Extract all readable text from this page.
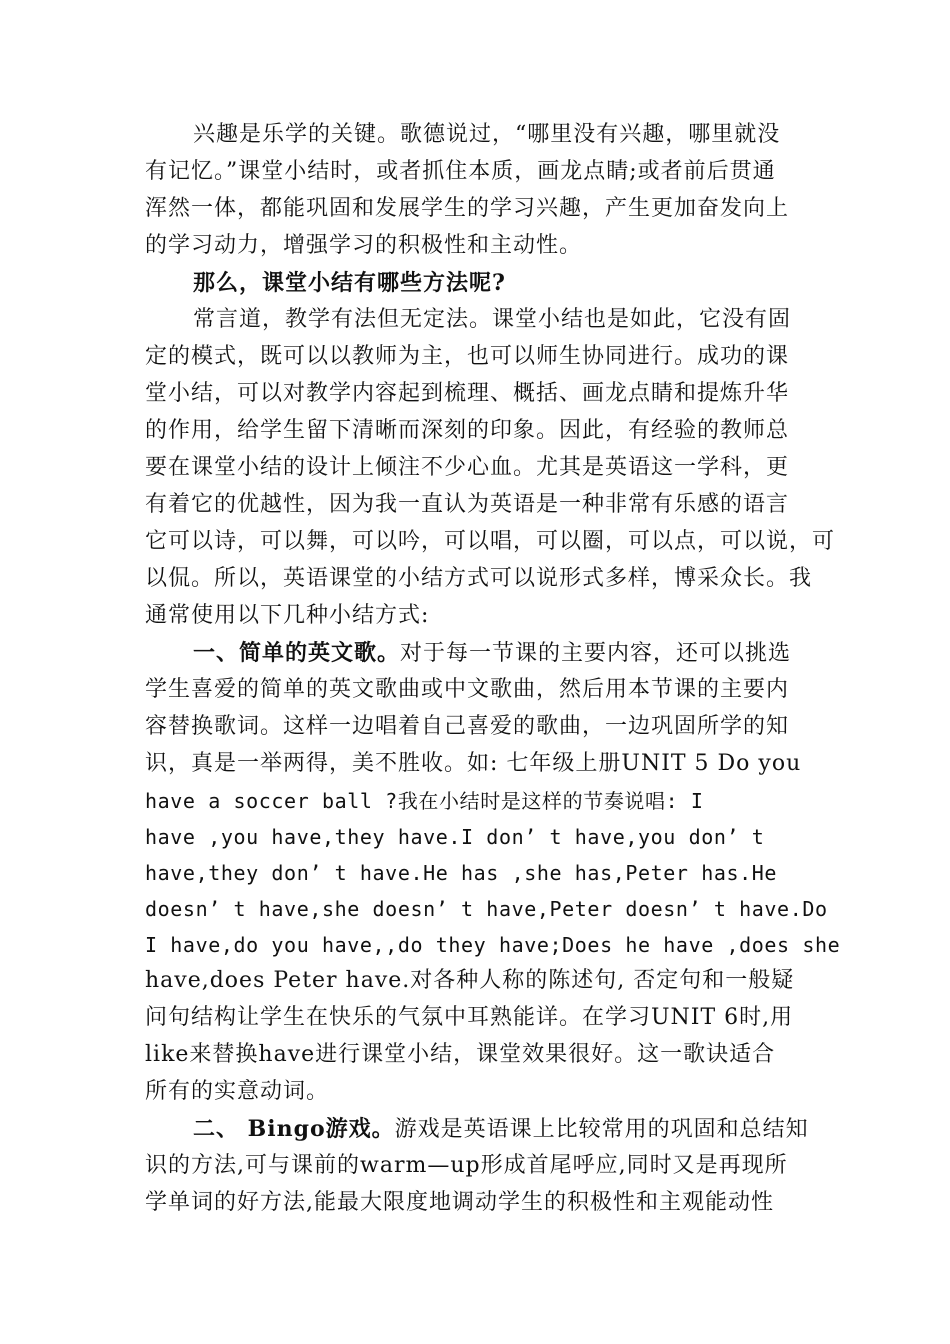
兴趣是乐学的关键。歌德说过，“哪里没有兴趣，哪里就没
有记忆。”课堂小结时，或者抓住本质，画龙点睛;或者前后贯通
浑然一体，都能巩固和发展学生的学习兴趣，产生更加奋发向上
的学习动力，增强学习的积极性和主动性。
那么，课堂小结有哪些方法呢?
常言道，教学有法但无定法。课堂小结也是如此，它没有固
定的模式，既可以以教师为主，也可以师生协同进行。成功的课
堂小结，可以对教学内容起到梳理、概括、画龙点睛和提炼升华
的作用，给学生留下清晰而深刻的印象。因此，有经验的教师总
要在课堂小结的设计上倾注不少心血。尤其是英语这一学科，更
有着它的优越性，因为我一直认为英语是一种非常有乐感的语言
它可以诗，可以舞，可以吟，可以唱，可以圈，可以点，可以说，可
以侃。所以，英语课堂的小结方式可以说形式多样，博采众长。我
通常使用以下几种小结方式:
一、简单的英文歌。对于每一节课的主要内容，还可以挑选
学生喜爱的简单的英文歌曲或中文歌曲，然后用本节课的主要内
容替换歌词。这样一边唱着自己喜爱的歌曲，一边巩固所学的知
识，真是一举两得，美不胜收。如: 七年级上册UNIT 5 Do you
have a soccer ball ?我在小结时是这样的节奏说唱: I
have ,you have,they have.I don’ t have,you don’ t
have,they don’ t have.He has ,she has,Peter has.He
doesn’ t have,she doesn’ t have,Peter doesn’ t have.Do
I have,do you have,,do they have;Does he have ,does she
have,does Peter have.对各种人称的陈述句, 否定句和一般疑
问句结构让学生在快乐的气氛中耳熟能详。在学习UNIT 6时,用
like来替换have进行课堂小结，课堂效果很好。这一歌诀适合
所有的实意动词。
二、 Bingo游戏。游戏是英语课上比较常用的巩固和总结知
识的方法,可与课前的warm—up形成首尾呼应,同时又是再现所
学单词的好方法,能最大限度地调动学生的积极性和主观能动性
